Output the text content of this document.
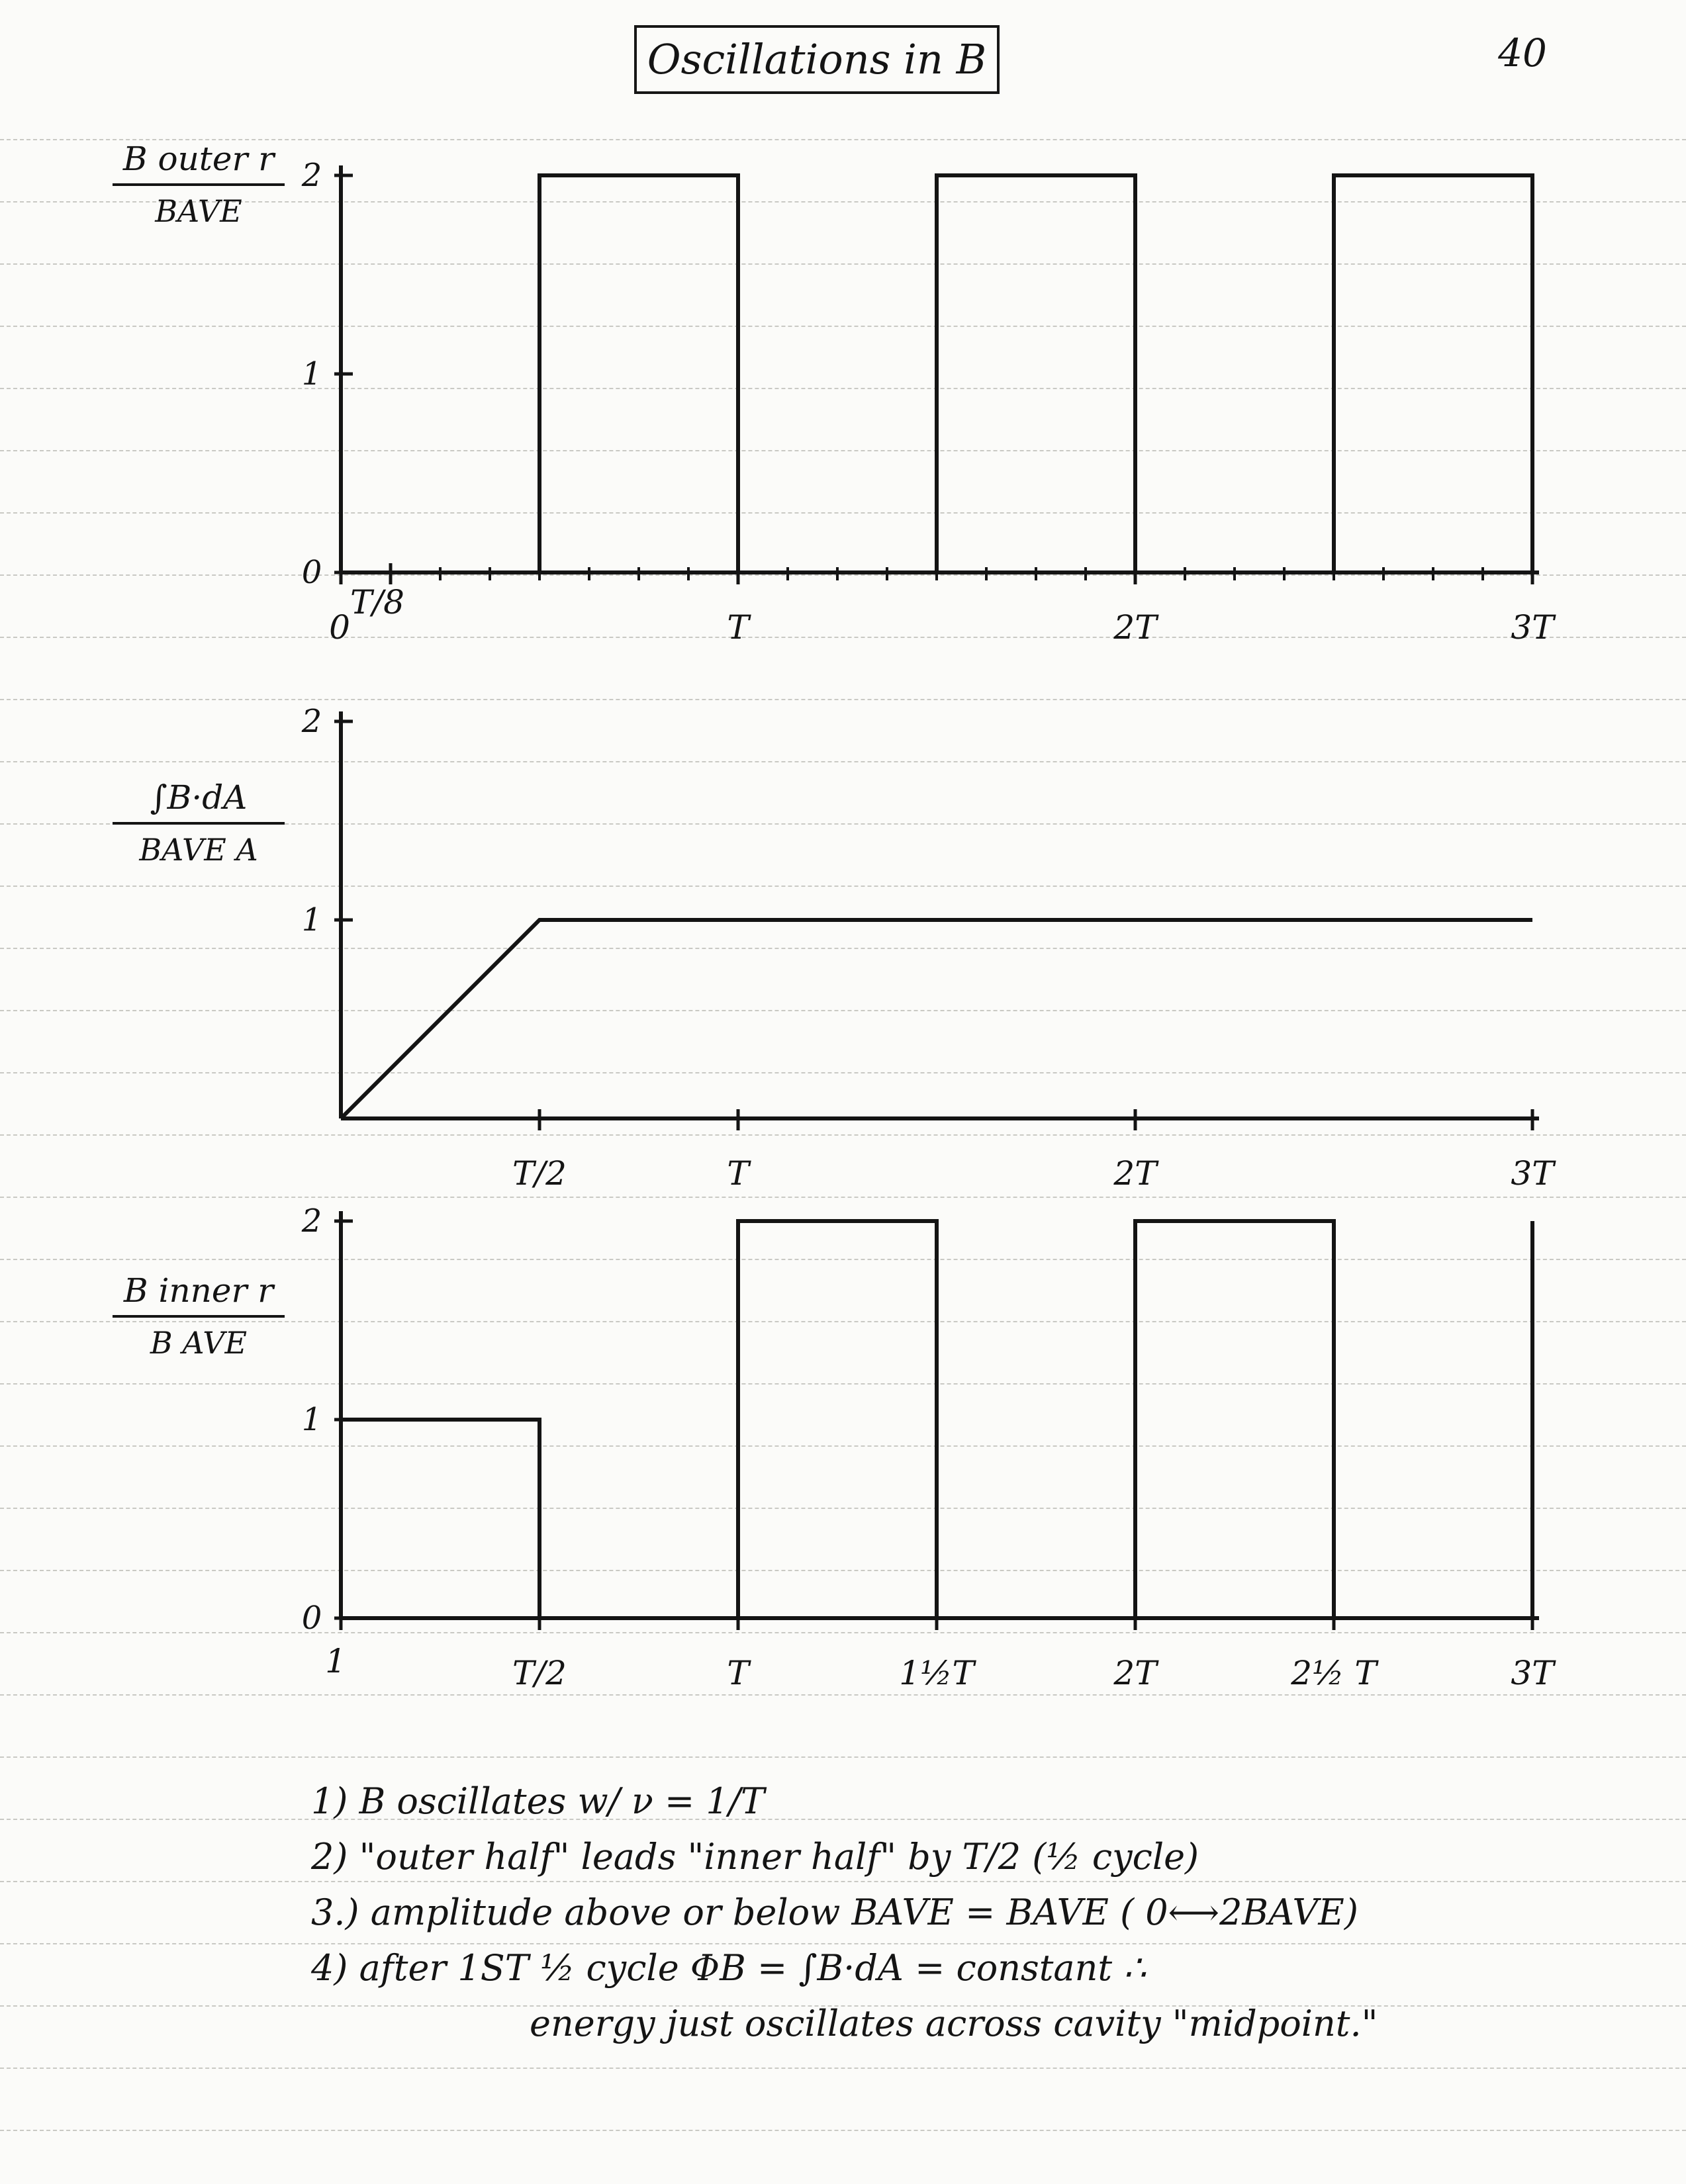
Oscillations in B	40
0
T/8
T	2T	3T
0
1
2
B outer r
BAVE
T/2	T	2T	3T
1
2
∫B·dA
BAVE A
1	T/2	T	1½T	2T	2½ T	3T
0
1
2
B inner r
B AVE
1) B oscillates w/ ν = 1/T
2) "outer half" leads "inner half" by T/2 (½ cycle)
3.) amplitude above or below BAVE = BAVE ( 0⟷2BAVE)
4) after 1ST ½ cycle ΦB = ∫B·dA = constant ∴
energy just oscillates across cavity "midpoint."
